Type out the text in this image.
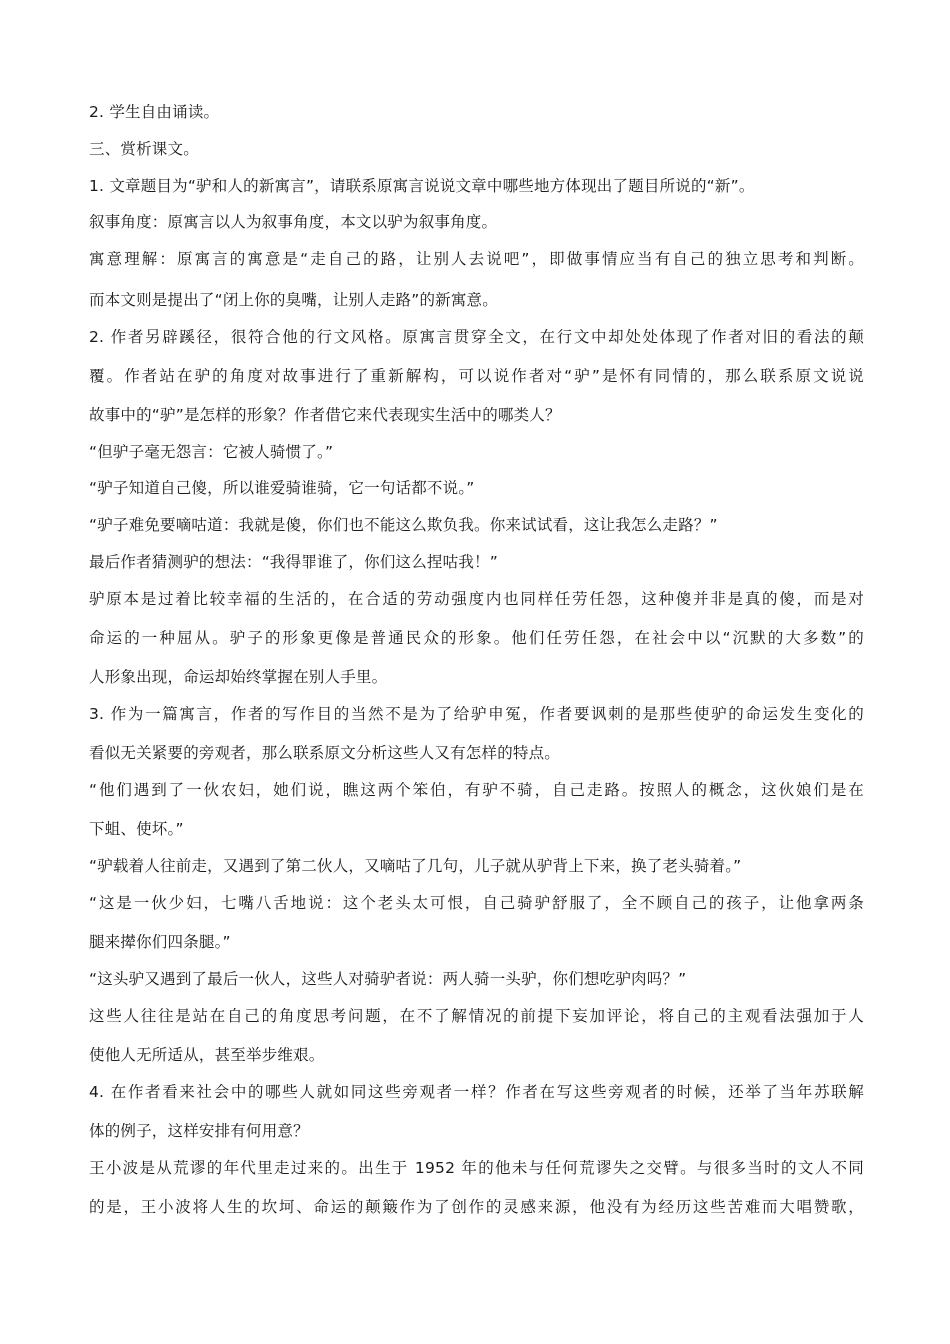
2. 学生自由诵读。
三、赏析课文。
1. 文章题目为“驴和人的新寓言”，请联系原寓言说说文章中哪些地方体现出了题目所说的“新”。
叙事角度：原寓言以人为叙事角度，本文以驴为叙事角度。
寓意理解：原寓言的寓意是“走自己的路，让别人去说吧”，即做事情应当有自己的独立思考和判断。
而本文则是提出了“闭上你的臭嘴，让别人走路”的新寓意。
2. 作者另辟蹊径，很符合他的行文风格。原寓言贯穿全文，在行文中却处处体现了作者对旧的看法的颠
覆。作者站在驴的角度对故事进行了重新解构，可以说作者对“驴”是怀有同情的，那么联系原文说说
故事中的“驴”是怎样的形象？作者借它来代表现实生活中的哪类人？
“但驴子毫无怨言：它被人骑惯了。”
“驴子知道自己傻，所以谁爱骑谁骑，它一句话都不说。”
“驴子难免要嘀咕道：我就是傻，你们也不能这么欺负我。你来试试看，这让我怎么走路？”
最后作者猜测驴的想法：“我得罪谁了，你们这么捏咕我！”
驴原本是过着比较幸福的生活的，在合适的劳动强度内也同样任劳任怨，这种傻并非是真的傻，而是对
命运的一种屈从。驴子的形象更像是普通民众的形象。他们任劳任怨，在社会中以“沉默的大多数”的
人形象出现，命运却始终掌握在别人手里。
3. 作为一篇寓言，作者的写作目的当然不是为了给驴申冤，作者要讽刺的是那些使驴的命运发生变化的
看似无关紧要的旁观者，那么联系原文分析这些人又有怎样的特点。
“他们遇到了一伙农妇，她们说，瞧这两个笨伯，有驴不骑，自己走路。按照人的概念，这伙娘们是在
下蛆、使坏。”
“驴载着人往前走，又遇到了第二伙人，又嘀咕了几句，儿子就从驴背上下来，换了老头骑着。”
“这是一伙少妇，七嘴八舌地说：这个老头太可恨，自己骑驴舒服了，全不顾自己的孩子，让他拿两条
腿来撵你们四条腿。”
“这头驴又遇到了最后一伙人，这些人对骑驴者说：两人骑一头驴，你们想吃驴肉吗？”
这些人往往是站在自己的角度思考问题，在不了解情况的前提下妄加评论，将自己的主观看法强加于人
使他人无所适从，甚至举步维艰。
4. 在作者看来社会中的哪些人就如同这些旁观者一样？作者在写这些旁观者的时候，还举了当年苏联解
体的例子，这样安排有何用意？
王小波是从荒谬的年代里走过来的。出生于 1952 年的他未与任何荒谬失之交臂。与很多当时的文人不同
的是，王小波将人生的坎坷、命运的颠簸作为了创作的灵感来源，他没有为经历这些苦难而大唱赞歌，
